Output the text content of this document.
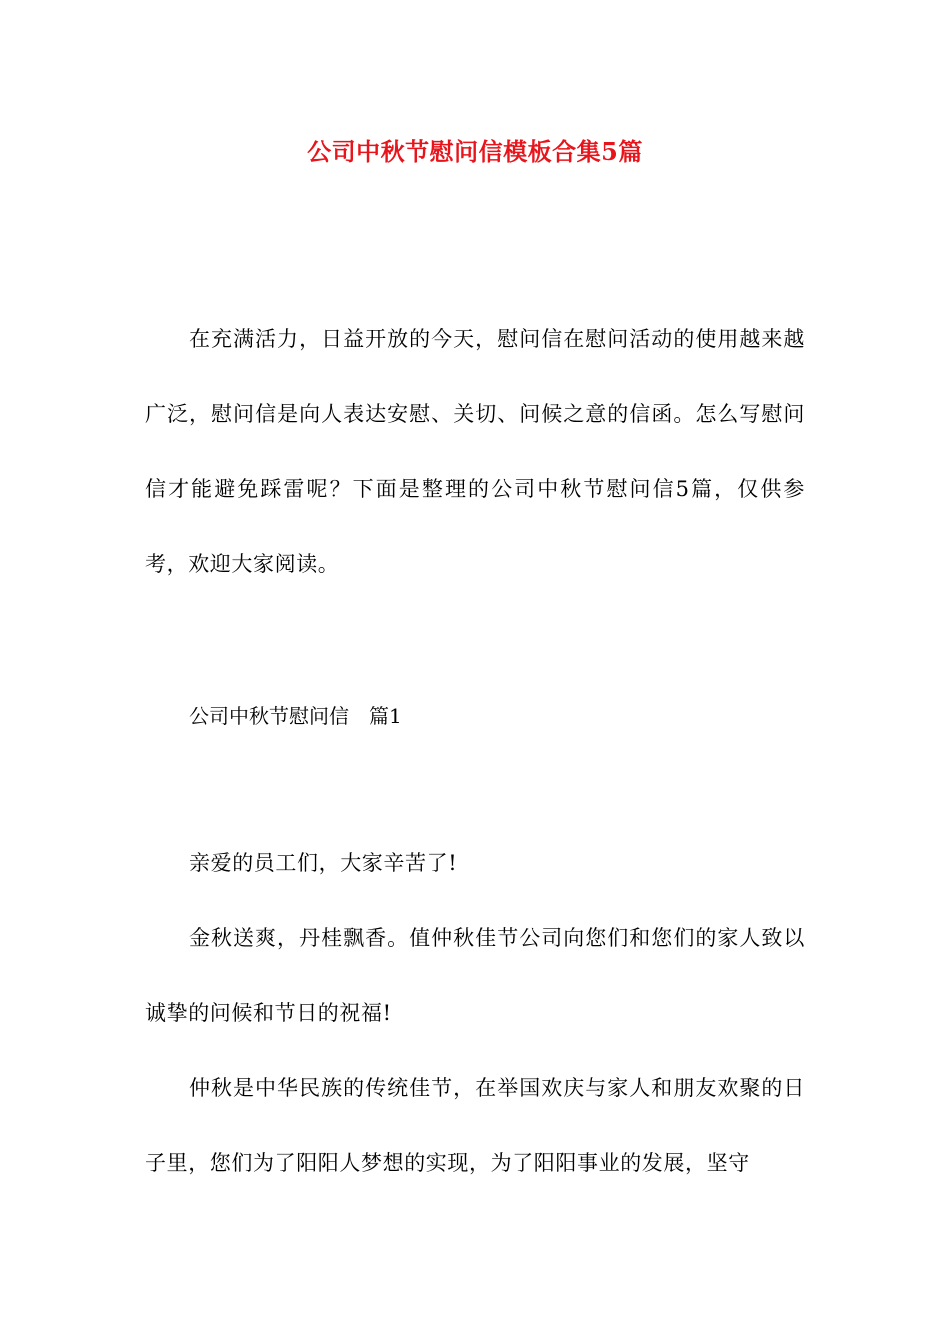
公司中秋节慰问信模板合集5篇

在充满活力，日益开放的今天，慰问信在慰问活动的使用越来越广泛，慰问信是向人表达安慰、关切、问候之意的信函。怎么写慰问信才能避免踩雷呢？下面是整理的公司中秋节慰问信5篇，仅供参考，欢迎大家阅读。

公司中秋节慰问信　篇1

亲爱的员工们，大家辛苦了!

金秋送爽，丹桂飘香。值仲秋佳节公司向您们和您们的家人致以诚挚的问候和节日的祝福!

仲秋是中华民族的传统佳节，在举国欢庆与家人和朋友欢聚的日子里，您们为了阳阳人梦想的实现，为了阳阳事业的发展，坚守
